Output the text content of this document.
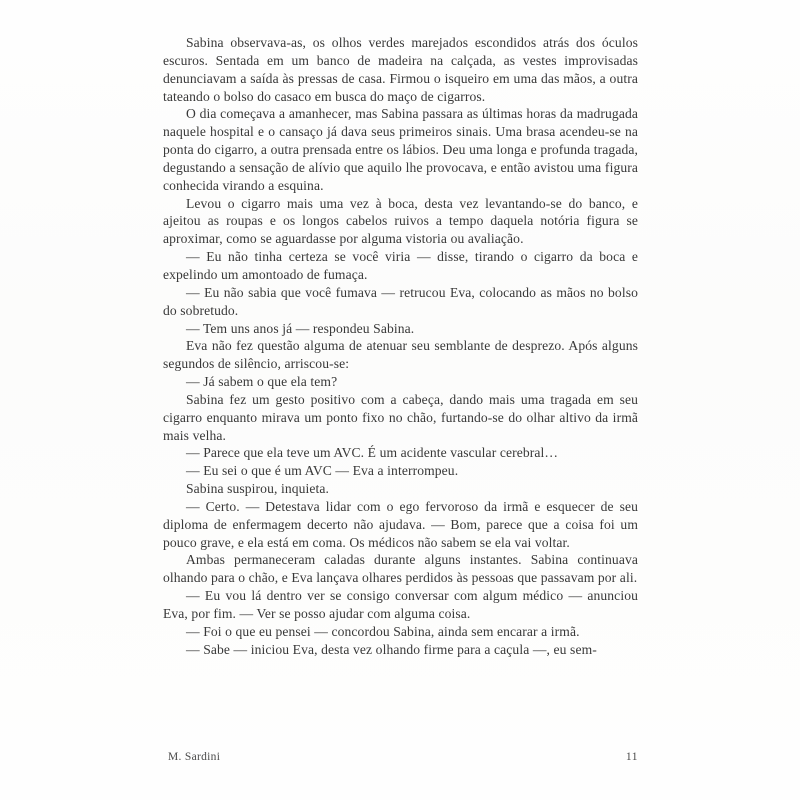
Sabina observava-as, os olhos verdes marejados escondidos atrás dos óculos escuros. Sentada em um banco de madeira na calçada, as vestes improvisadas denunciavam a saída às pressas de casa. Firmou o isqueiro em uma das mãos, a outra tateando o bolso do casaco em busca do maço de cigarros.

O dia começava a amanhecer, mas Sabina passara as últimas horas da madrugada naquele hospital e o cansaço já dava seus primeiros sinais. Uma brasa acendeu-se na ponta do cigarro, a outra prensada entre os lábios. Deu uma longa e profunda tragada, degustando a sensação de alívio que aquilo lhe provocava, e então avistou uma figura conhecida virando a esquina.

Levou o cigarro mais uma vez à boca, desta vez levantando-se do banco, e ajeitou as roupas e os longos cabelos ruivos a tempo daquela notória figura se aproximar, como se aguardasse por alguma vistoria ou avaliação.

— Eu não tinha certeza se você viria — disse, tirando o cigarro da boca e expelindo um amontoado de fumaça.

— Eu não sabia que você fumava — retrucou Eva, colocando as mãos no bolso do sobretudo.

— Tem uns anos já — respondeu Sabina.

Eva não fez questão alguma de atenuar seu semblante de desprezo. Após alguns segundos de silêncio, arriscou-se:

— Já sabem o que ela tem?

Sabina fez um gesto positivo com a cabeça, dando mais uma tragada em seu cigarro enquanto mirava um ponto fixo no chão, furtando-se do olhar altivo da irmã mais velha.

— Parece que ela teve um AVC. É um acidente vascular cerebral…

— Eu sei o que é um AVC — Eva a interrompeu.

Sabina suspirou, inquieta.

— Certo. — Detestava lidar com o ego fervoroso da irmã e esquecer de seu diploma de enfermagem decerto não ajudava. — Bom, parece que a coisa foi um pouco grave, e ela está em coma. Os médicos não sabem se ela vai voltar.

Ambas permaneceram caladas durante alguns instantes. Sabina continuava olhando para o chão, e Eva lançava olhares perdidos às pessoas que passavam por ali.

— Eu vou lá dentro ver se consigo conversar com algum médico — anunciou Eva, por fim. — Ver se posso ajudar com alguma coisa.

— Foi o que eu pensei — concordou Sabina, ainda sem encarar a irmã.

— Sabe — iniciou Eva, desta vez olhando firme para a caçula —, eu sem-

M. Sardini	11
